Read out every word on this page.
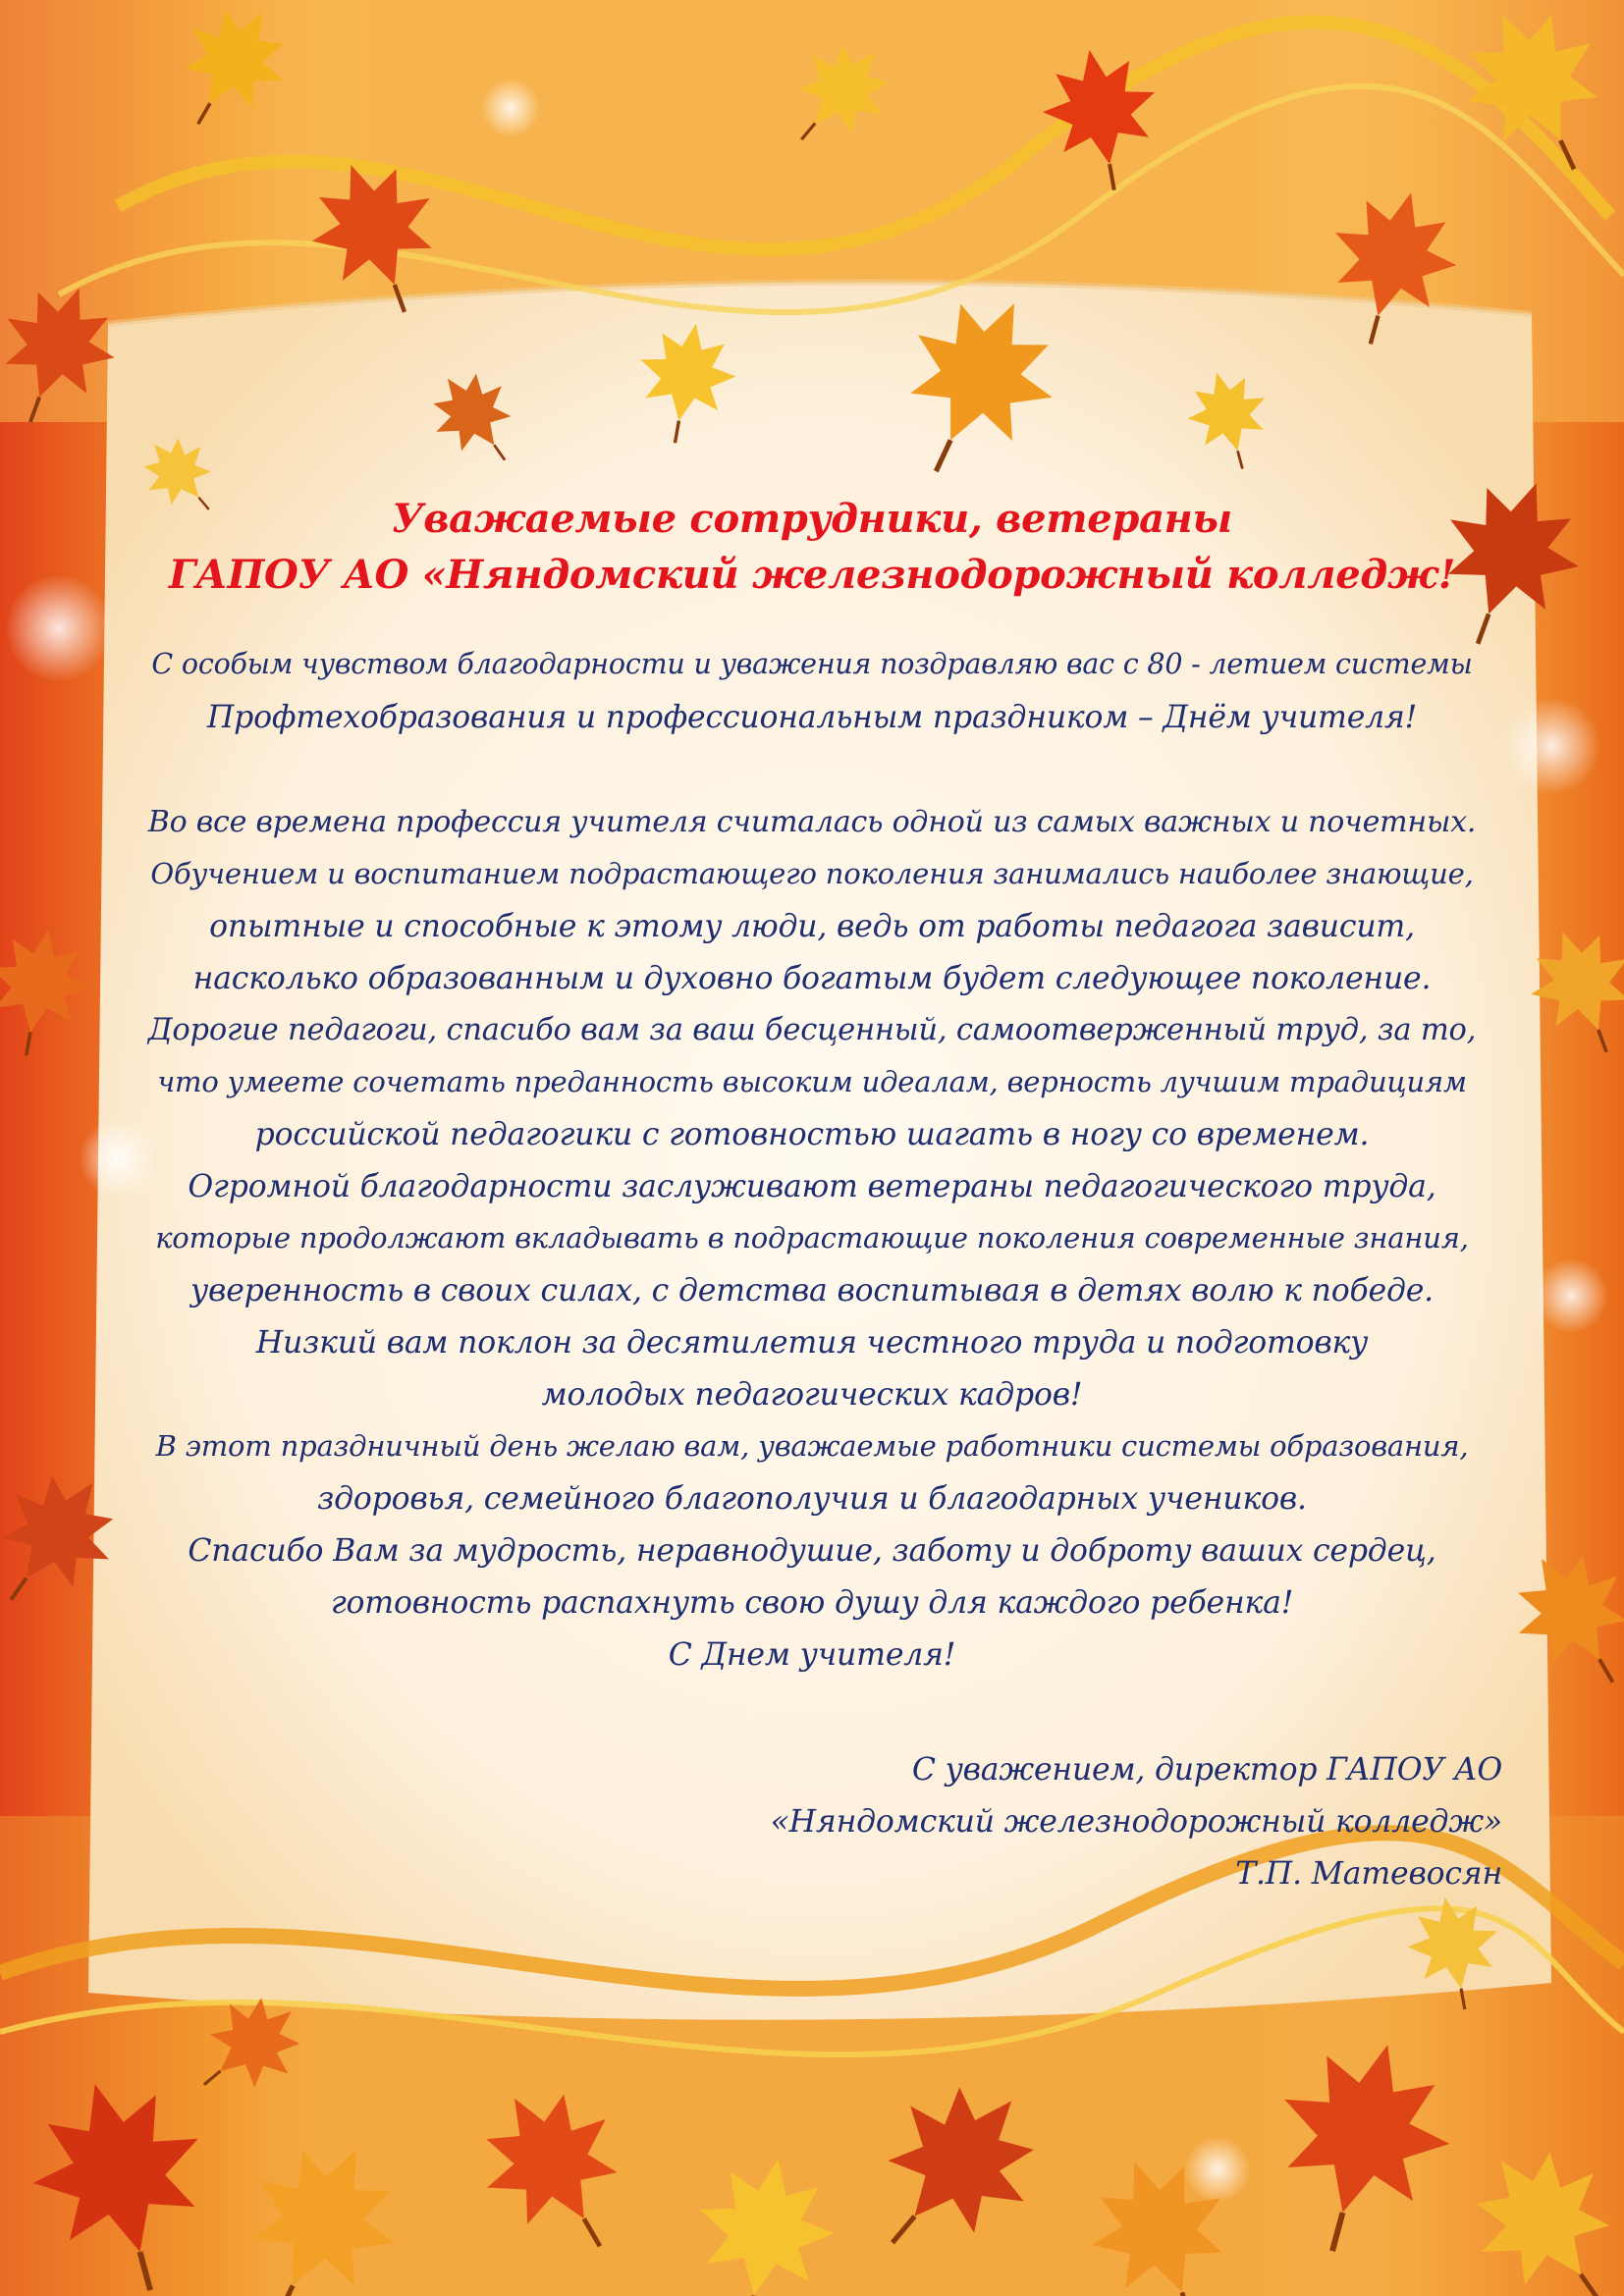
Уважаемые сотрудники, ветераны
ГАПОУ АО «Няндомский железнодорожный колледж!
С особым чувством благодарности и уважения поздравляю вас с 80 - летием системы
Профтехобразования и профессиональным праздником – Днём учителя!
Во все времена профессия учителя считалась одной из самых важных и почетных.
Обучением и воспитанием подрастающего поколения занимались наиболее знающие,
опытные и способные к этому люди, ведь от работы педагога зависит,
насколько образованным и духовно богатым будет следующее поколение.
Дорогие педагоги, спасибо вам за ваш бесценный, самоотверженный труд, за то,
что умеете сочетать преданность высоким идеалам, верность лучшим традициям
российской педагогики с готовностью шагать в ногу со временем.
Огромной благодарности заслуживают ветераны педагогического труда,
которые продолжают вкладывать в подрастающие поколения современные знания,
уверенность в своих силах, с детства воспитывая в детях волю к победе.
Низкий вам поклон за десятилетия честного труда и подготовку
молодых педагогических кадров!
В этот праздничный день желаю вам, уважаемые работники системы образования,
здоровья, семейного благополучия и благодарных учеников.
Спасибо Вам за мудрость, неравнодушие, заботу и доброту ваших сердец,
готовность распахнуть свою душу для каждого ребенка!
С Днем учителя!
С уважением, директор ГАПОУ АО
«Няндомский железнодорожный колледж»
Т.П. Матевосян
